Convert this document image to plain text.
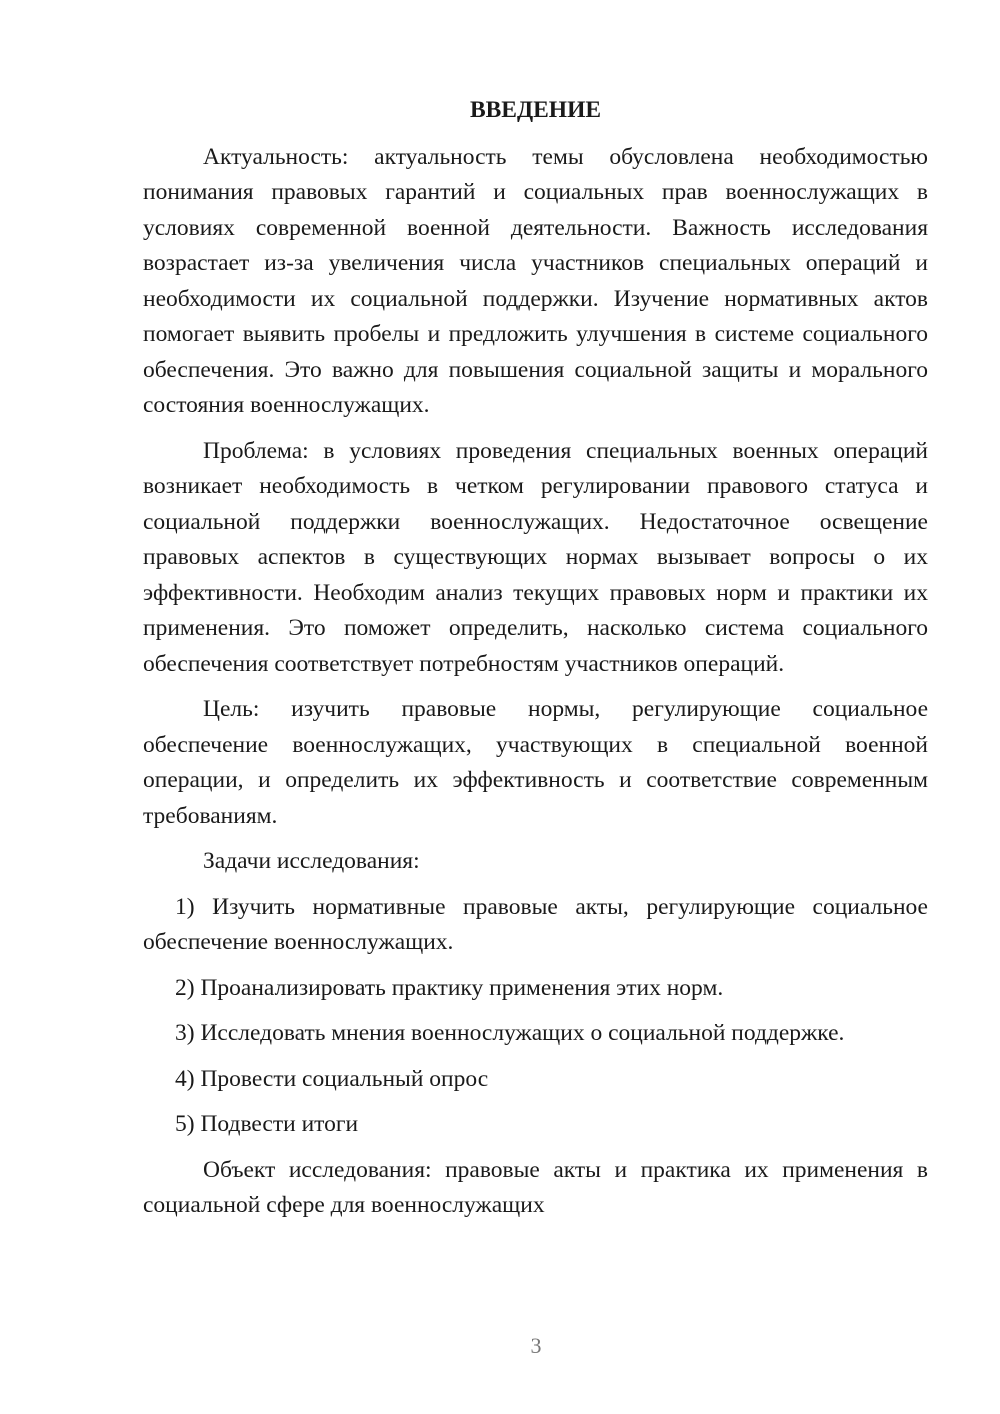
ВВЕДЕНИЕ

Актуальность: актуальность темы обусловлена необходимостью понимания правовых гарантий и социальных прав военнослужащих в условиях современной военной деятельности. Важность исследования возрастает из-за увеличения числа участников специальных операций и необходимости их социальной поддержки. Изучение нормативных актов помогает выявить пробелы и предложить улучшения в системе социального обеспечения. Это важно для повышения социальной защиты и морального состояния военнослужащих.

Проблема: в условиях проведения специальных военных операций возникает необходимость в четком регулировании правового статуса и социальной поддержки военнослужащих. Недостаточное освещение правовых аспектов в существующих нормах вызывает вопросы о их эффективности. Необходим анализ текущих правовых норм и практики их применения. Это поможет определить, насколько система социального обеспечения соответствует потребностям участников операций.

Цель: изучить правовые нормы, регулирующие социальное обеспечение военнослужащих, участвующих в специальной военной операции, и определить их эффективность и соответствие современным требованиям.

Задачи исследования:

1) Изучить нормативные правовые акты, регулирующие социальное обеспечение военнослужащих.

2) Проанализировать практику применения этих норм.
3) Исследовать мнения военнослужащих о социальной поддержке.
4) Провести социальный опрос
5) Подвести итоги

Объект исследования: правовые акты и практика их применения в социальной сфере для военнослужащих

3
